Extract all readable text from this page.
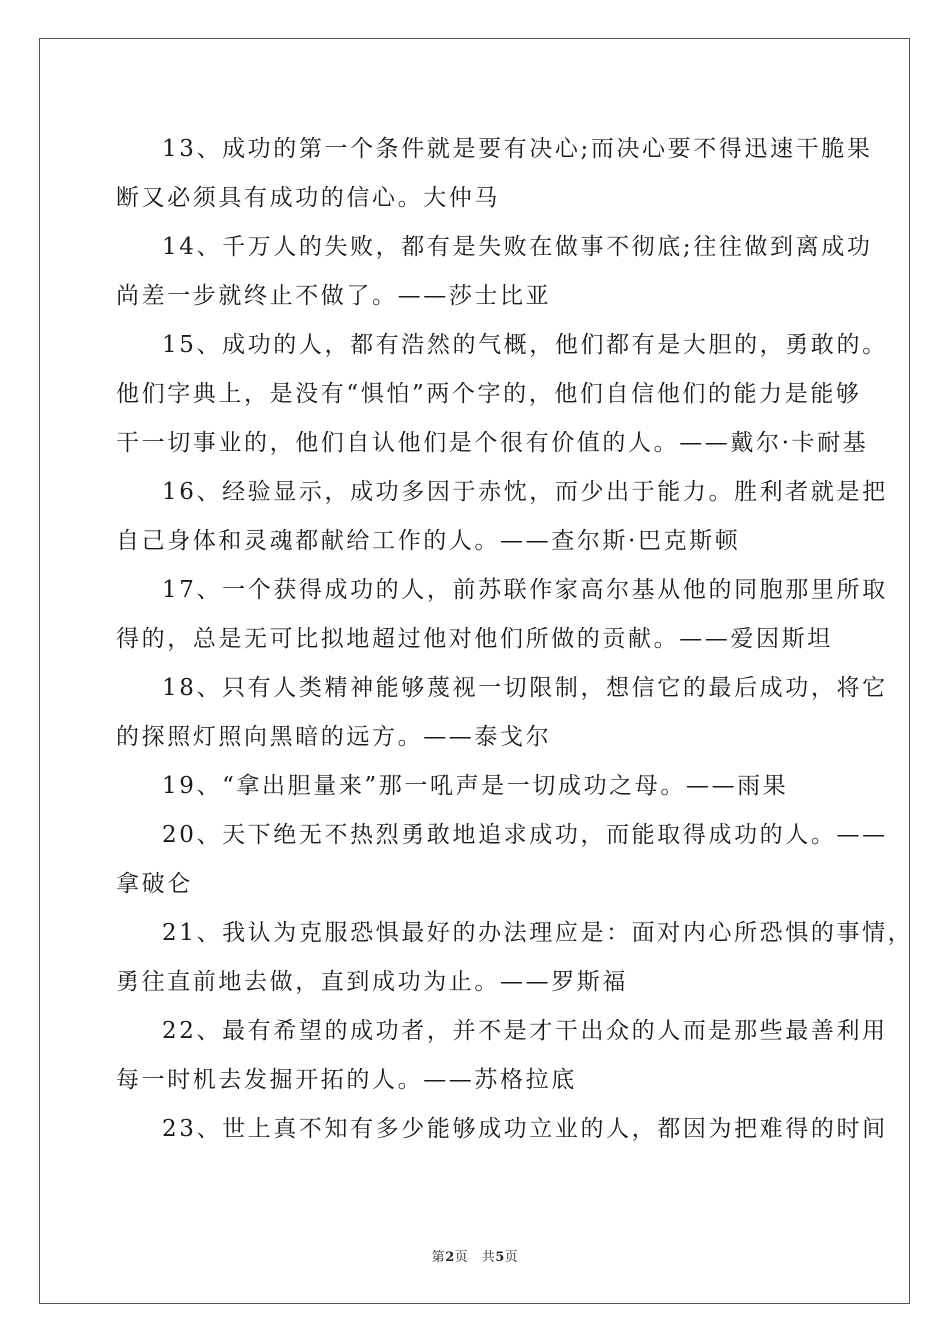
13、成功的第一个条件就是要有决心;而决心要不得迅速干脆果
断又必须具有成功的信心。大仲马

14、千万人的失败，都有是失败在做事不彻底;往往做到离成功
尚差一步就终止不做了。——莎士比亚

15、成功的人，都有浩然的气概，他们都有是大胆的，勇敢的。
他们字典上，是没有“惧怕”两个字的，他们自信他们的能力是能够
干一切事业的，他们自认他们是个很有价值的人。——戴尔·卡耐基

16、经验显示，成功多因于赤忱，而少出于能力。胜利者就是把
自己身体和灵魂都献给工作的人。——查尔斯·巴克斯顿

17、一个获得成功的人，前苏联作家高尔基从他的同胞那里所取
得的，总是无可比拟地超过他对他们所做的贡献。——爱因斯坦

18、只有人类精神能够蔑视一切限制，想信它的最后成功，将它
的探照灯照向黑暗的远方。——泰戈尔

19、“拿出胆量来”那一吼声是一切成功之母。——雨果

20、天下绝无不热烈勇敢地追求成功，而能取得成功的人。——
拿破仑

21、我认为克服恐惧最好的办法理应是：面对内心所恐惧的事情，
勇往直前地去做，直到成功为止。——罗斯福

22、最有希望的成功者，并不是才干出众的人而是那些最善利用
每一时机去发掘开拓的人。——苏格拉底

23、世上真不知有多少能够成功立业的人，都因为把难得的时间

第2页　共5页
